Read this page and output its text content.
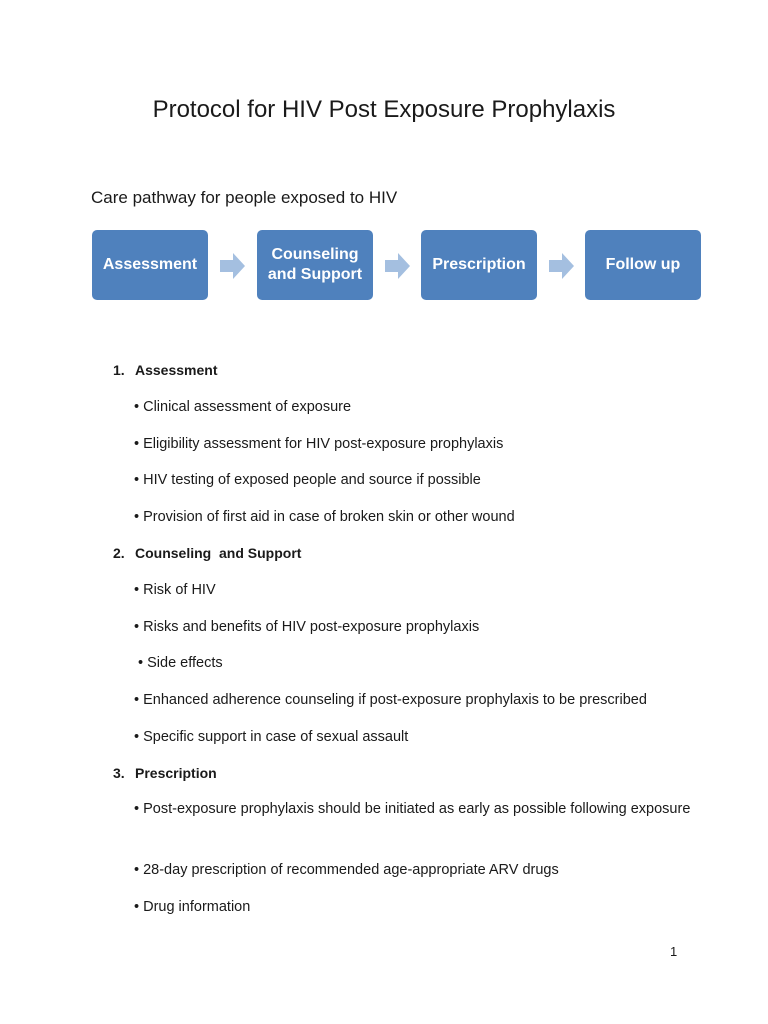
Protocol for HIV Post Exposure Prophylaxis
Care pathway for people exposed to HIV
Assessment
Counseling
and Support
Prescription	Follow up
1. Assessment
• Clinical assessment of exposure
• Eligibility assessment for HIV post-exposure prophylaxis
• HIV testing of exposed people and source if possible
• Provision of first aid in case of broken skin or other wound
2. Counseling  and Support
• Risk of HIV
• Risks and benefits of HIV post-exposure prophylaxis
• Side effects
• Enhanced adherence counseling if post-exposure prophylaxis to be prescribed
• Specific support in case of sexual assault
3. Prescription
• Post-exposure prophylaxis should be initiated as early as possible following exposure
• 28-day prescription of recommended age-appropriate ARV drugs
• Drug information
1
